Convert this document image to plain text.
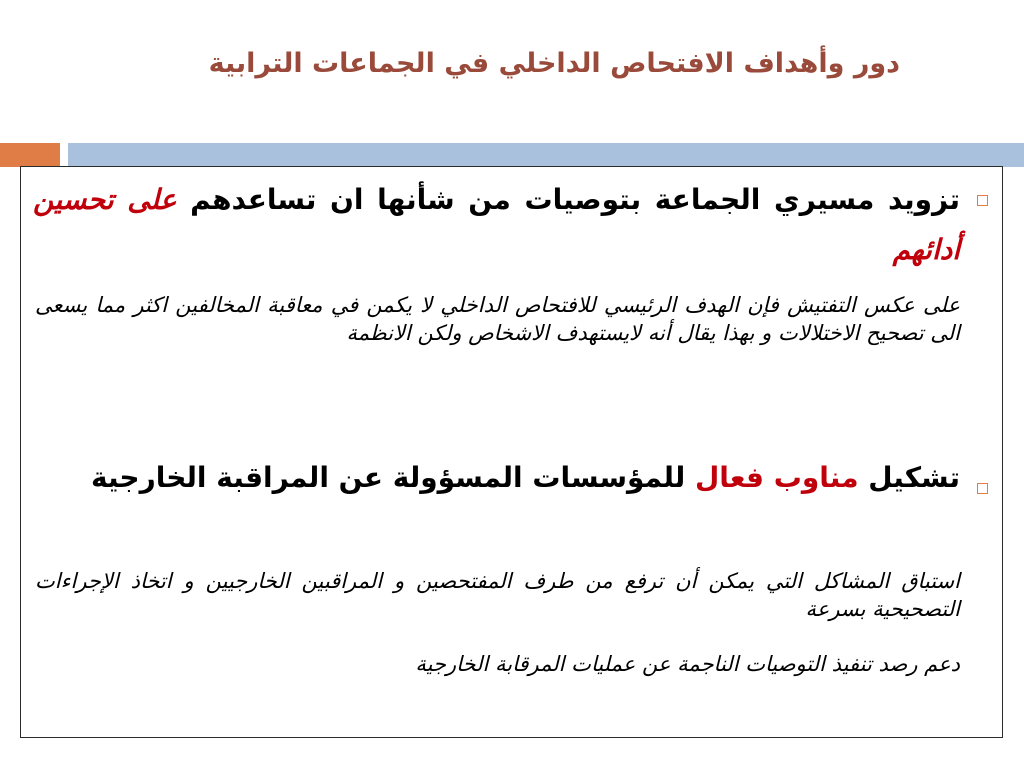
دور وأهداف الافتحاص الداخلي في الجماعات الترابية
تزويد مسيري الجماعة بتوصيات من شأنها ان تساعدهم على تحسين أدائهم
على عكس التفتيش فإن الهدف الرئيسي للافتحاص الداخلي لا يكمن في معاقبة المخالفين اكثر مما يسعى الى تصحيح الاختلالات و بهذا يقال أنه لايستهدف الاشخاص ولكن الانظمة
تشكيل مناوب فعال للمؤسسات المسؤولة عن المراقبة الخارجية
استباق المشاكل التي يمكن أن ترفع من طرف المفتحصين و المراقبين الخارجيين و اتخاذ الإجراءات التصحيحية بسرعة
دعم رصد تنفيذ التوصيات الناجمة عن عمليات المرقابة الخارجية
